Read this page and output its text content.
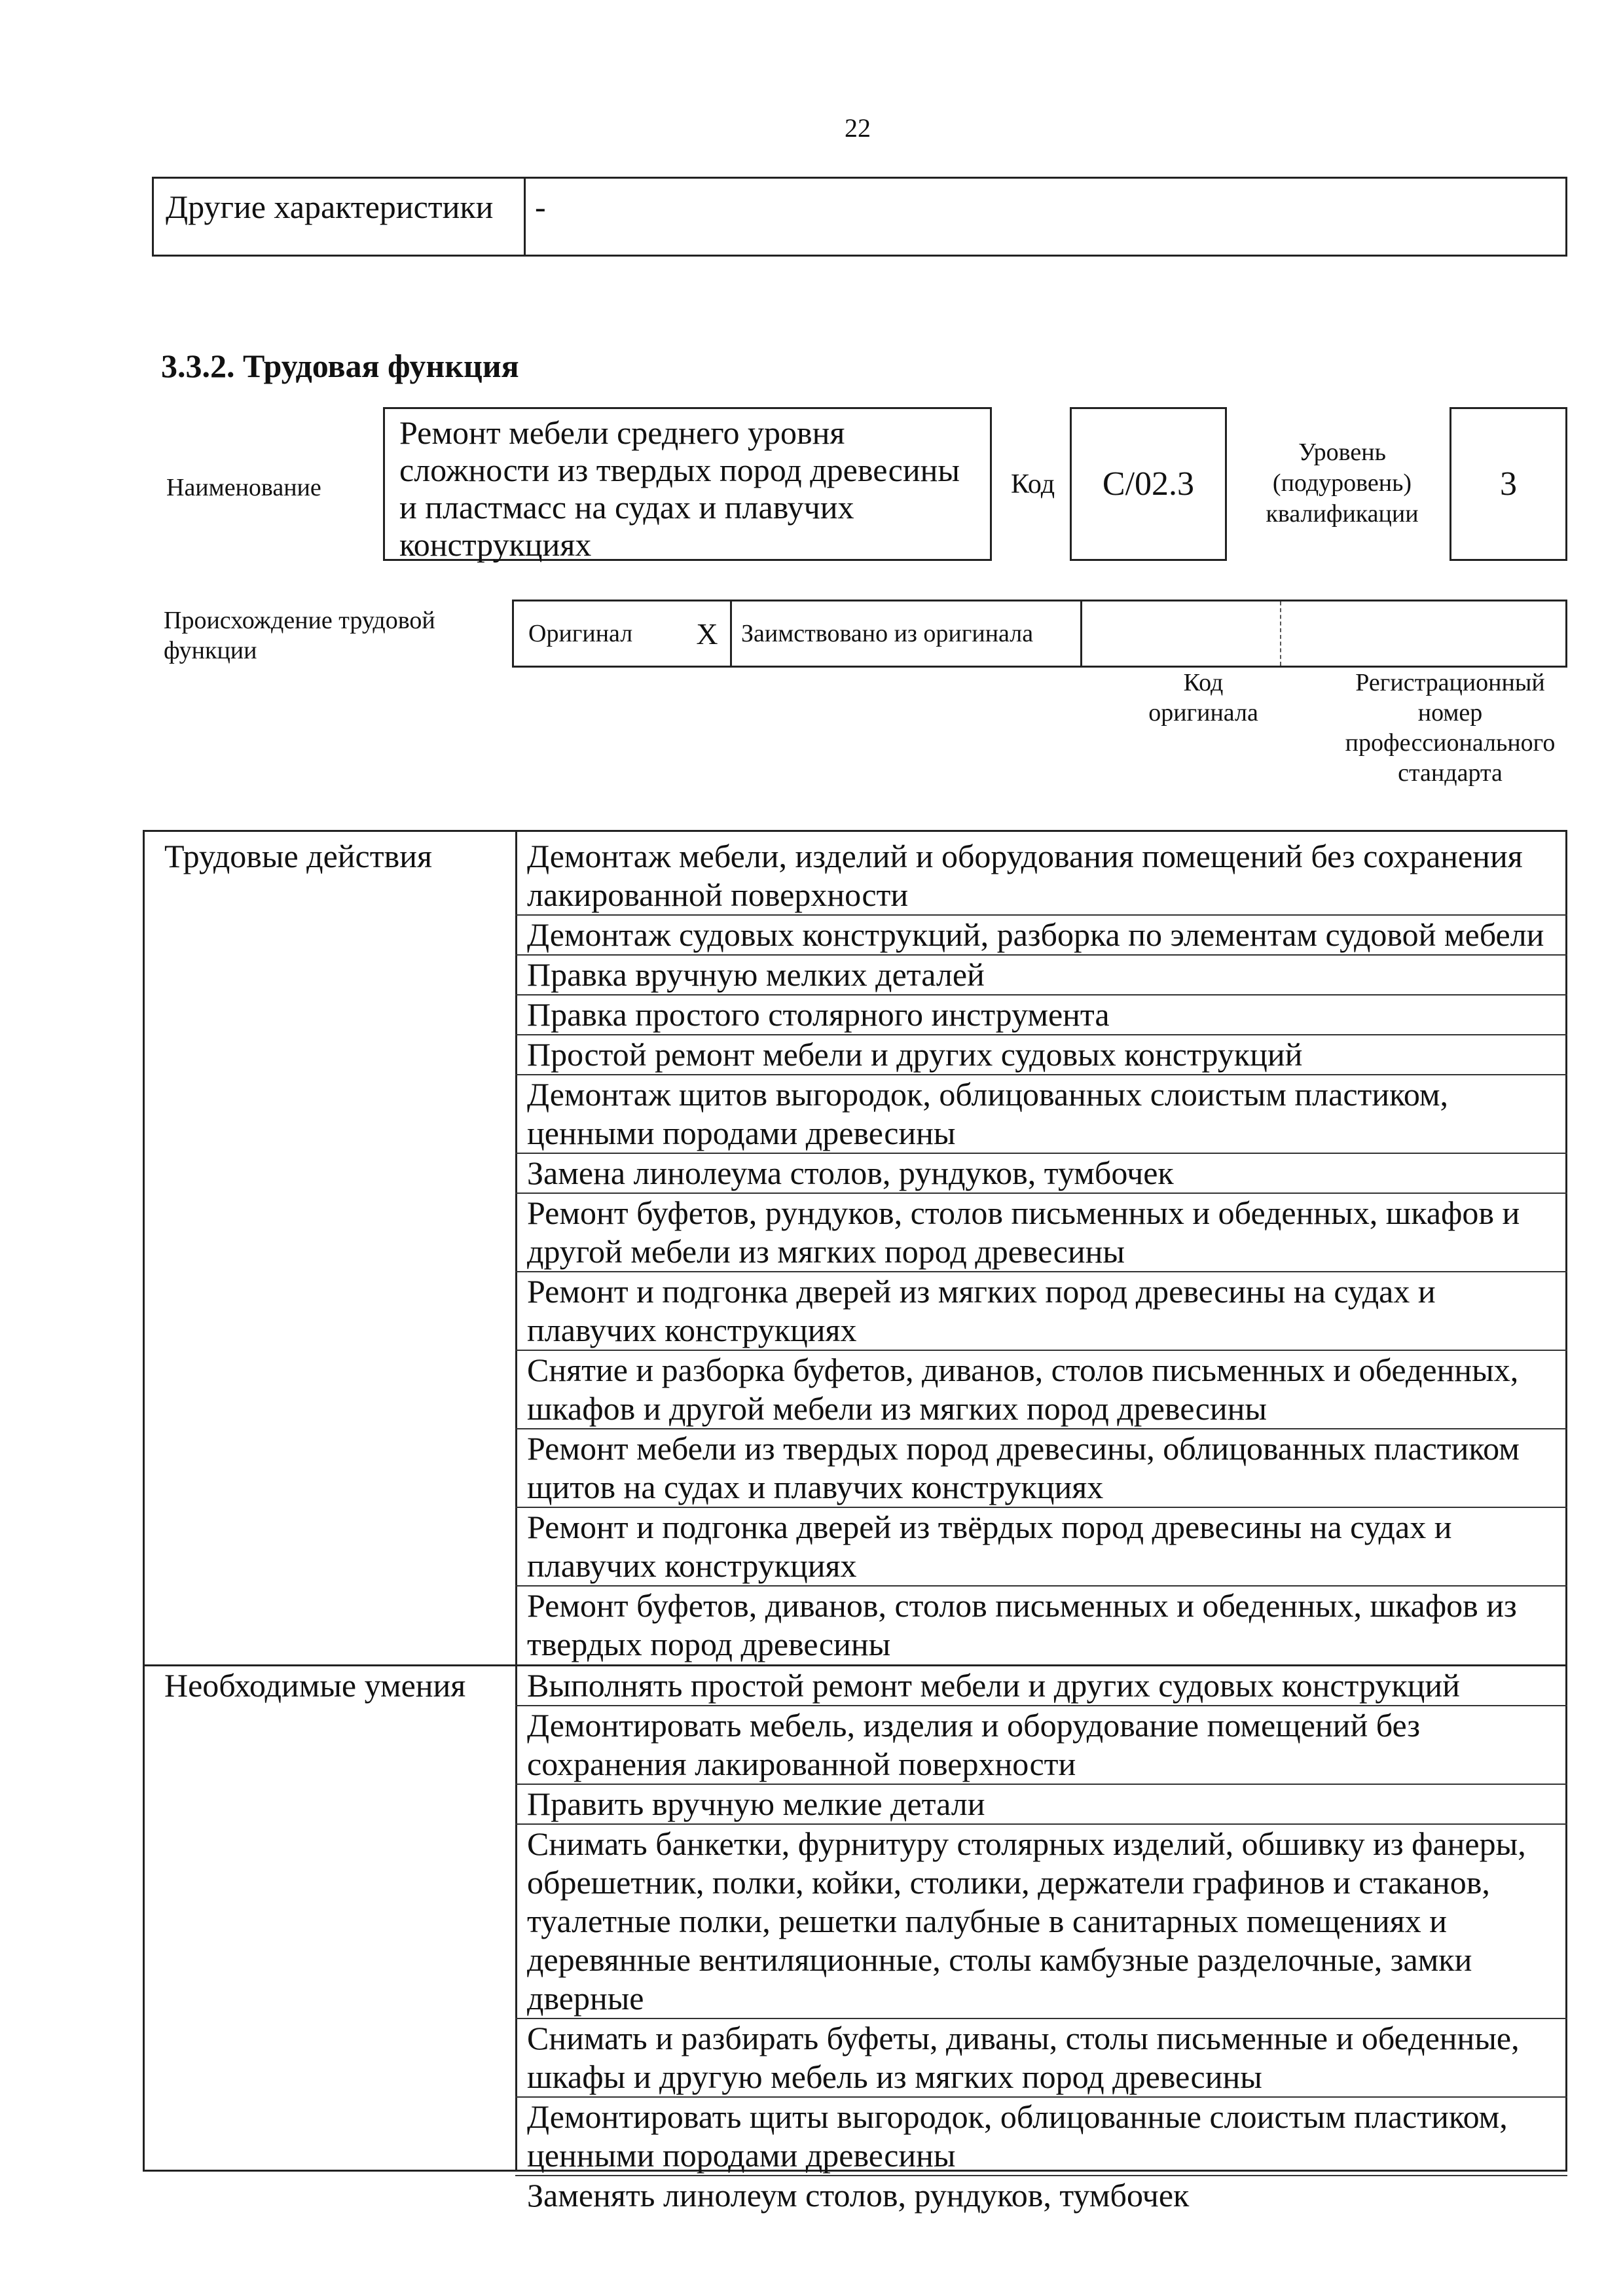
22
Другие характеристики	-
3.3.2. Трудовая функция
Наименование
Ремонт мебели среднего уровня
сложности из твердых пород древесины
и пластмасс на судах и плавучих
конструкциях
Код	C/02.3
Уровень
(подуровень)
квалификации
3
Происхождение трудовой
функции
Оригинал	X Заимствовано из оригинала
Код
оригинала
Регистрационный
номер
профессионального
стандарта
Трудовые действия	Демонтаж мебели, изделий и оборудования помещений без сохранения
лакированной поверхности
Демонтаж судовых конструкций, разборка по элементам судовой мебели
Правка вручную мелких деталей
Правка простого столярного инструмента
Простой ремонт мебели и других судовых конструкций
Демонтаж щитов выгородок, облицованных слоистым пластиком,
ценными породами древесины
Замена линолеума столов, рундуков, тумбочек
Ремонт буфетов, рундуков, столов письменных и обеденных, шкафов и
другой мебели из мягких пород древесины
Ремонт и подгонка дверей из мягких пород древесины на судах и
плавучих конструкциях
Снятие и разборка буфетов, диванов, столов письменных и обеденных,
шкафов и другой мебели из мягких пород древесины
Ремонт мебели из твердых пород древесины, облицованных пластиком
щитов на судах и плавучих конструкциях
Ремонт и подгонка дверей из твёрдых пород древесины на судах и
плавучих конструкциях
Ремонт буфетов, диванов, столов письменных и обеденных, шкафов из
твердых пород древесины
Необходимые умения Выполнять простой ремонт мебели и других судовых конструкций
Демонтировать мебель, изделия и оборудование помещений без
сохранения лакированной поверхности
Править вручную мелкие детали
Снимать банкетки, фурнитуру столярных изделий, обшивку из фанеры,
обрешетник, полки, койки, столики, держатели графинов и стаканов,
туалетные полки, решетки палубные в санитарных помещениях и
деревянные вентиляционные, столы камбузные разделочные, замки
дверные
Снимать и разбирать буфеты, диваны, столы письменные и обеденные,
шкафы и другую мебель из мягких пород древесины
Демонтировать щиты выгородок, облицованные слоистым пластиком,
ценными породами древесины
Заменять линолеум столов, рундуков, тумбочек
